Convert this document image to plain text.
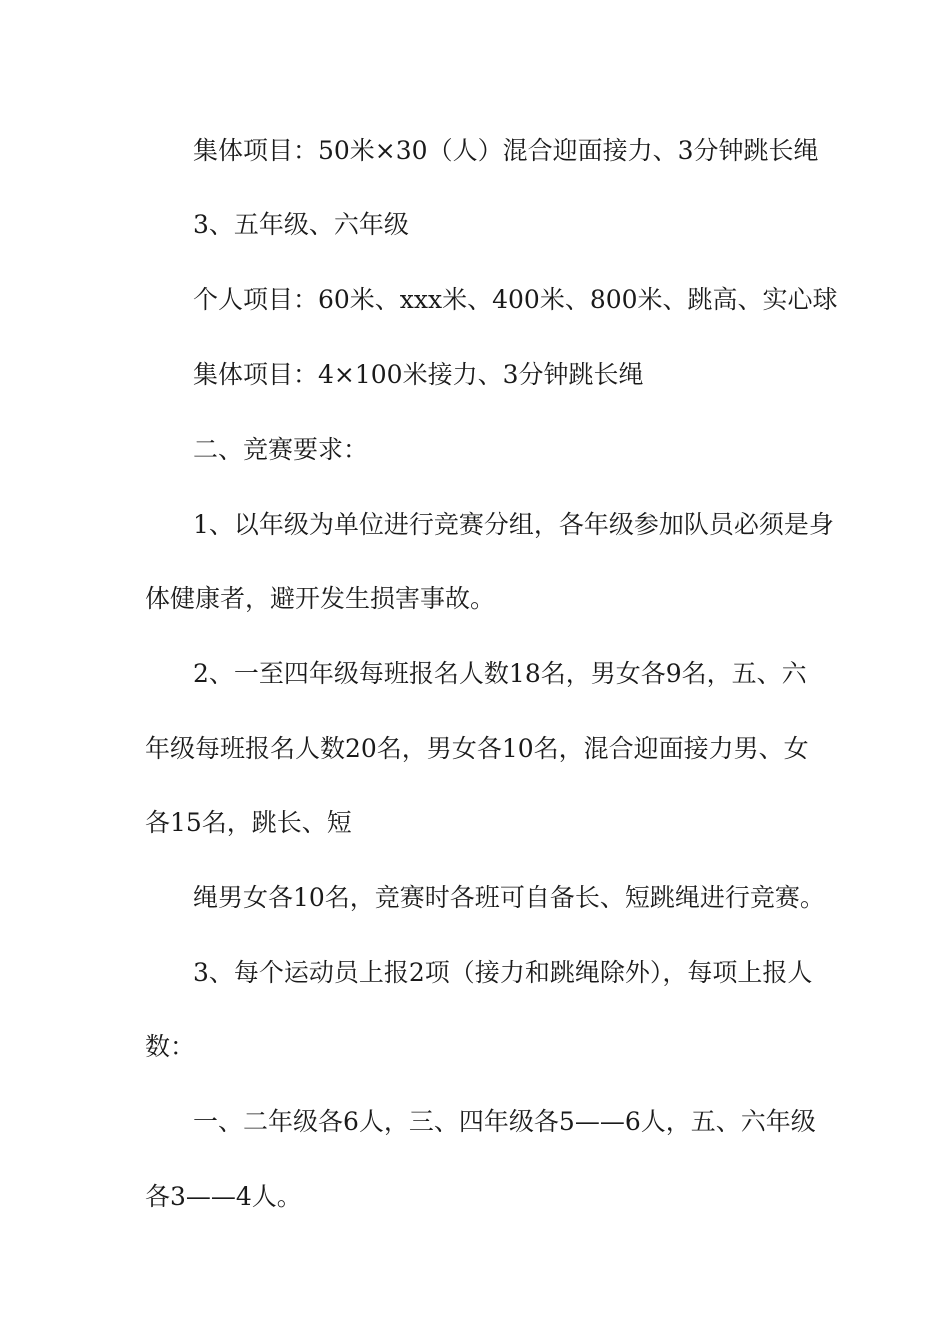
集体项目：50米×30（人）混合迎面接力、3分钟跳长绳

3、五年级、六年级

个人项目：60米、xxx米、400米、800米、跳高、实心球

集体项目：4×100米接力、3分钟跳长绳

二、竞赛要求：

1、以年级为单位进行竞赛分组，各年级参加队员必须是身

体健康者，避开发生损害事故。

2、一至四年级每班报名人数18名，男女各9名，五、六

年级每班报名人数20名，男女各10名，混合迎面接力男、女

各15名，跳长、短

绳男女各10名，竞赛时各班可自备长、短跳绳进行竞赛。

3、每个运动员上报2项（接力和跳绳除外），每项上报人

数：

一、二年级各6人，三、四年级各5——6人，五、六年级

各3——4人。
